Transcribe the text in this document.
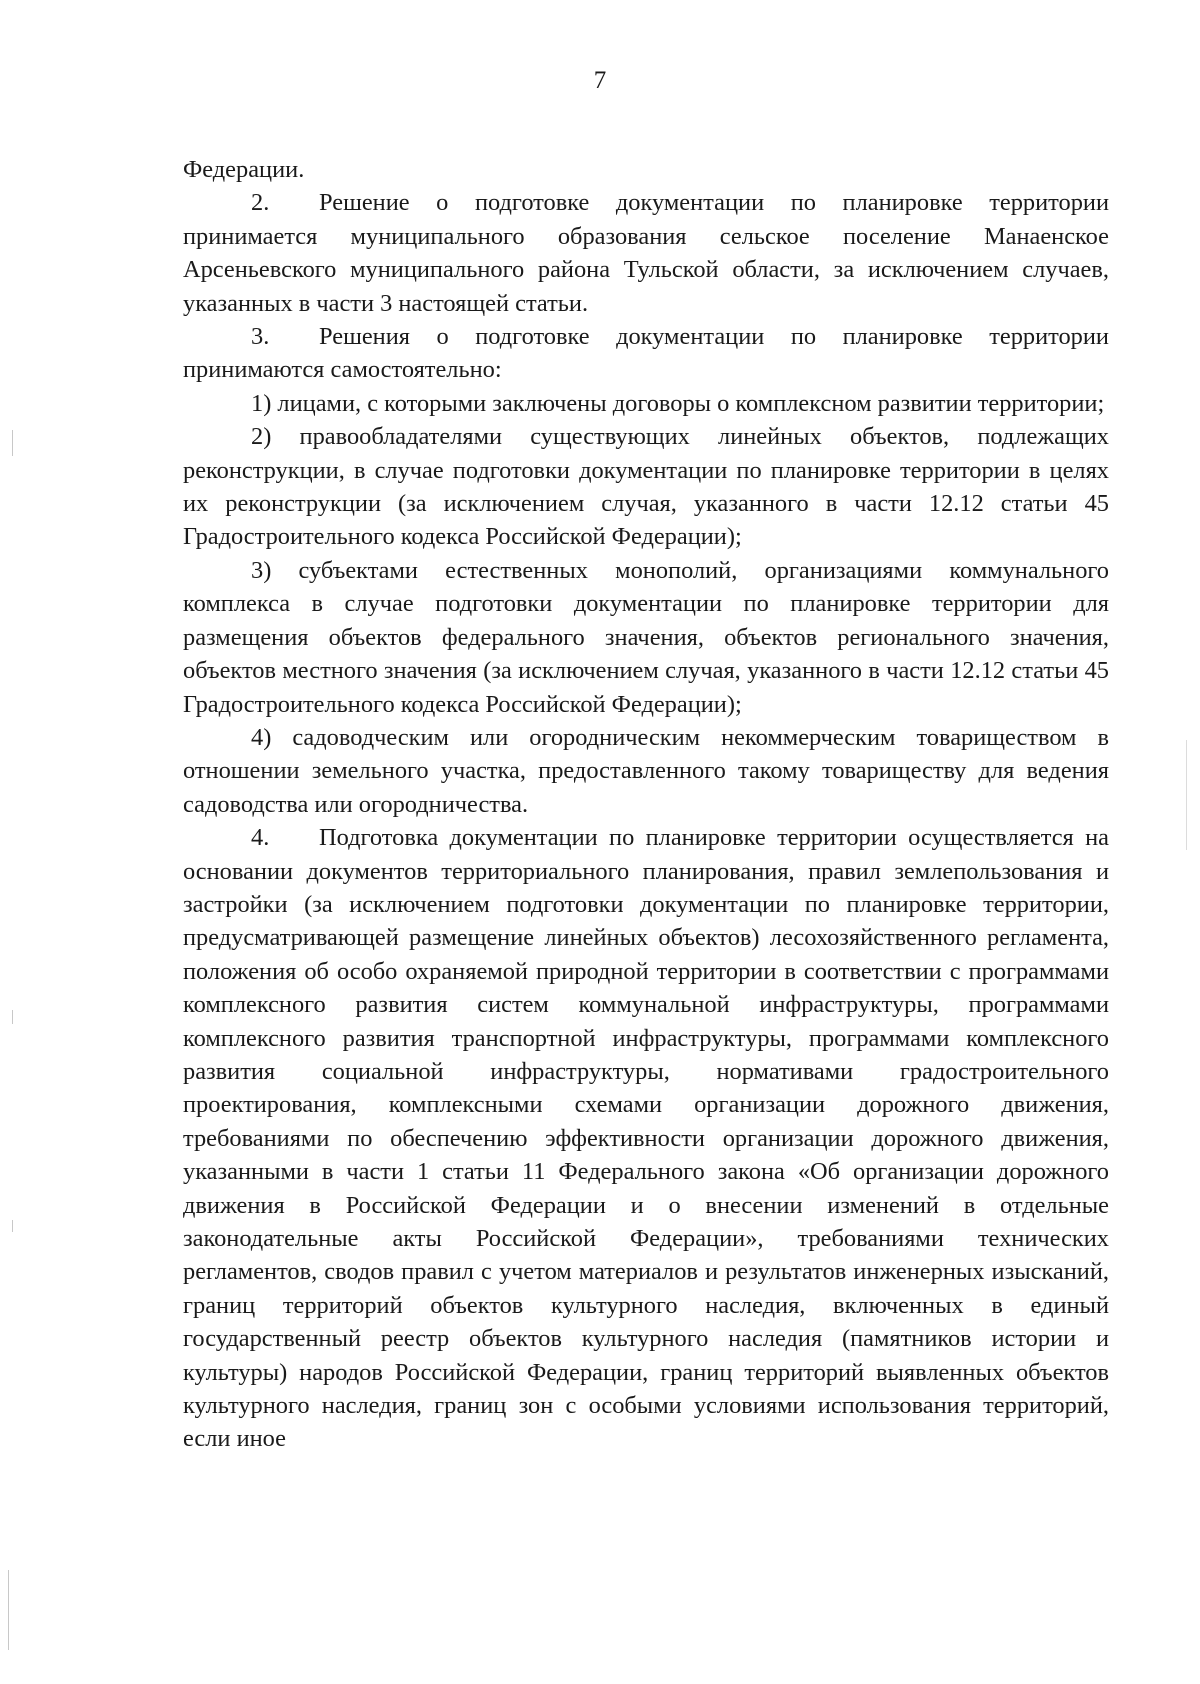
7

Федерации.

2. Решение о подготовке документации по планировке территории принимается муниципального образования сельское поселение Манаенское Арсеньевского муниципального района Тульской области, за исключением случаев, указанных в части 3 настоящей статьи.

3. Решения о подготовке документации по планировке территории принимаются самостоятельно:

1) лицами, с которыми заключены договоры о комплексном развитии территории;

2) правообладателями существующих линейных объектов, подлежащих реконструкции, в случае подготовки документации по планировке территории в целях их реконструкции (за исключением случая, указанного в части 12.12 статьи 45 Градостроительного кодекса Российской Федерации);

3) субъектами естественных монополий, организациями коммунального комплекса в случае подготовки документации по планировке территории для размещения объектов федерального значения, объектов регионального значения, объектов местного значения (за исключением случая, указанного в части 12.12 статьи 45 Градостроительного кодекса Российской Федерации);

4) садоводческим или огородническим некоммерческим товариществом в отношении земельного участка, предоставленного такому товариществу для ведения садоводства или огородничества.

4. Подготовка документации по планировке территории осуществляется на основании документов территориального планирования, правил землепользования и застройки (за исключением подготовки документации по планировке территории, предусматривающей размещение линейных объектов) лесохозяйственного регламента, положения об особо охраняемой природной территории в соответствии с программами комплексного развития систем коммунальной инфраструктуры, программами комплексного развития транспортной инфраструктуры, программами комплексного развития социальной инфраструктуры, нормативами градостроительного проектирования, комплексными схемами организации дорожного движения, требованиями по обеспечению эффективности организации дорожного движения, указанными в части 1 статьи 11 Федерального закона «Об организации дорожного движения в Российской Федерации и о внесении изменений в отдельные законодательные акты Российской Федерации», требованиями технических регламентов, сводов правил с учетом материалов и результатов инженерных изысканий, границ территорий объектов культурного наследия, включенных в единый государственный реестр объектов культурного наследия (памятников истории и культуры) народов Российской Федерации, границ территорий выявленных объектов культурного наследия, границ зон с особыми условиями использования территорий, если иное
